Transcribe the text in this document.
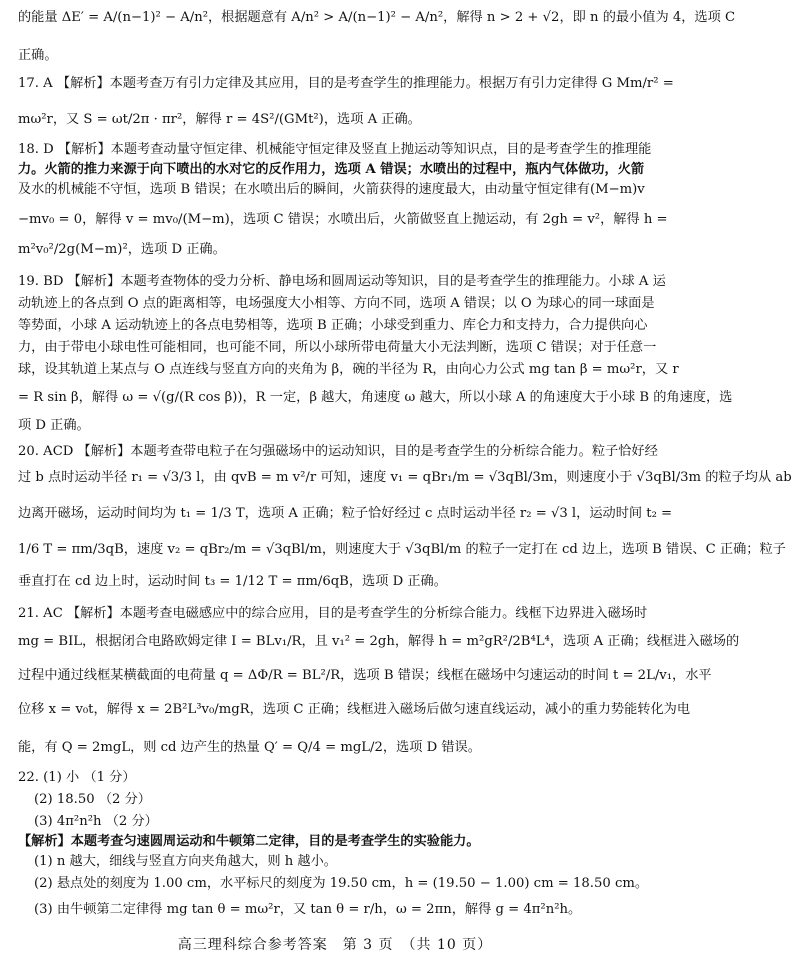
的能量 ΔE′ = A/(n−1)² − A/n²，根据题意有 A/n² > A/(n−1)² − A/n²，解得 n > 2 + √2，即 n 的最小值为 4，选项 C
正确。
17. A 【解析】本题考查万有引力定律及其应用，目的是考查学生的推理能力。根据万有引力定律得 G Mm/r² =
mω²r，又 S = ωt/2π · πr²，解得 r = 4S²/(GMt²)，选项 A 正确。
18. D 【解析】本题考查动量守恒定律、机械能守恒定律及竖直上抛运动等知识点，目的是考查学生的推理能
力。火箭的推力来源于向下喷出的水对它的反作用力，选项 A 错误；水喷出的过程中，瓶内气体做功，火箭
及水的机械能不守恒，选项 B 错误；在水喷出后的瞬间，火箭获得的速度最大，由动量守恒定律有(M−m)v
−mv₀ = 0，解得 v = mv₀/(M−m)，选项 C 错误；水喷出后，火箭做竖直上抛运动，有 2gh = v²，解得 h =
m²v₀²/2g(M−m)²，选项 D 正确。
19. BD 【解析】本题考查物体的受力分析、静电场和圆周运动等知识，目的是考查学生的推理能力。小球 A 运
动轨迹上的各点到 O 点的距离相等，电场强度大小相等、方向不同，选项 A 错误；以 O 为球心的同一球面是
等势面，小球 A 运动轨迹上的各点电势相等，选项 B 正确；小球受到重力、库仑力和支持力，合力提供向心
力，由于带电小球电性可能相同，也可能不同，所以小球所带电荷量大小无法判断，选项 C 错误；对于任意一
球，设其轨道上某点与 O 点连线与竖直方向的夹角为 β，碗的半径为 R，由向心力公式 mg tan β = mω²r，又 r
= R sin β，解得 ω = √(g/(R cos β))，R 一定，β 越大，角速度 ω 越大，所以小球 A 的角速度大于小球 B 的角速度，选
项 D 正确。
20. ACD 【解析】本题考查带电粒子在匀强磁场中的运动知识，目的是考查学生的分析综合能力。粒子恰好经
过 b 点时运动半径 r₁ = √3/3 l，由 qvB = m v²/r 可知，速度 v₁ = qBr₁/m = √3qBl/3m，则速度小于 √3qBl/3m 的粒子均从 ab
边离开磁场，运动时间均为 t₁ = 1/3 T，选项 A 正确；粒子恰好经过 c 点时运动半径 r₂ = √3 l，运动时间 t₂ =
1/6 T = πm/3qB，速度 v₂ = qBr₂/m = √3qBl/m，则速度大于 √3qBl/m 的粒子一定打在 cd 边上，选项 B 错误、C 正确；粒子
垂直打在 cd 边上时，运动时间 t₃ = 1/12 T = πm/6qB，选项 D 正确。
21. AC 【解析】本题考查电磁感应中的综合应用，目的是考查学生的分析综合能力。线框下边界进入磁场时
mg = BIL，根据闭合电路欧姆定律 I = BLv₁/R，且 v₁² = 2gh，解得 h = m²gR²/2B⁴L⁴，选项 A 正确；线框进入磁场的
过程中通过线框某横截面的电荷量 q = ΔΦ/R = BL²/R，选项 B 错误；线框在磁场中匀速运动的时间 t = 2L/v₁，水平
位移 x = v₀t，解得 x = 2B²L³v₀/mgR，选项 C 正确；线框进入磁场后做匀速直线运动，减小的重力势能转化为电
能，有 Q = 2mgL，则 cd 边产生的热量 Q′ = Q/4 = mgL/2，选项 D 错误。
22. (1) 小 （1 分）
(2) 18.50 （2 分）
(3) 4π²n²h （2 分）
【解析】本题考查匀速圆周运动和牛顿第二定律，目的是考查学生的实验能力。
(1) n 越大，细线与竖直方向夹角越大，则 h 越小。
(2) 悬点处的刻度为 1.00 cm，水平标尺的刻度为 19.50 cm，h = (19.50 − 1.00) cm = 18.50 cm。
(3) 由牛顿第二定律得 mg tan θ = mω²r，又 tan θ = r/h，ω = 2πn，解得 g = 4π²n²h。
高三理科综合参考答案　第 3 页　（共 10 页）
